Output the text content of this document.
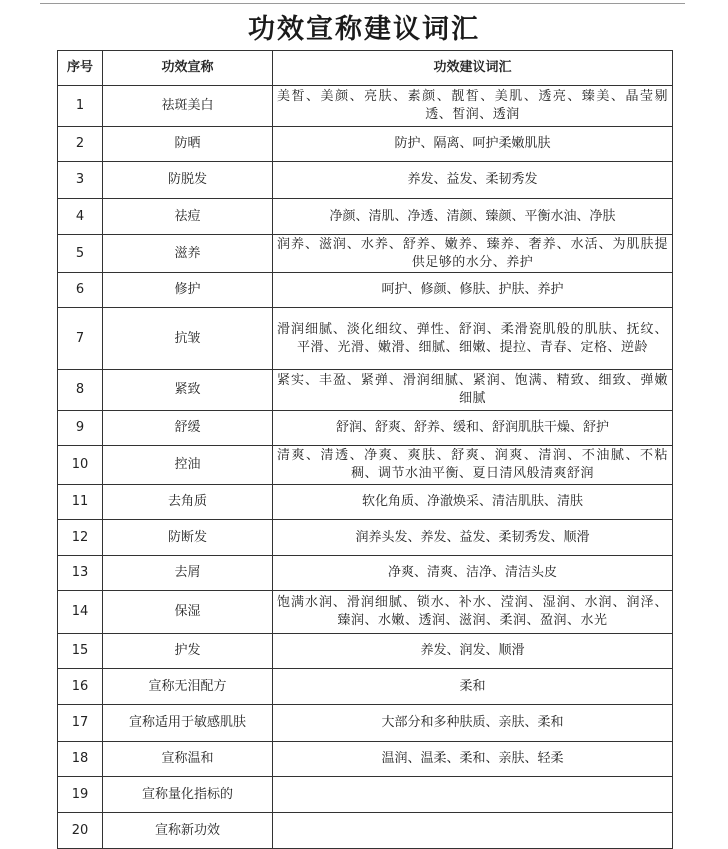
功效宣称建议词汇
序号	功效宣称	功效建议词汇
1	祛斑美白	美皙、美颜、亮肤、素颜、靓皙、美肌、透亮、臻美、晶莹剔透、皙润、透润
2	防晒	防护、隔离、呵护柔嫩肌肤
3	防脱发	养发、益发、柔韧秀发
4	祛痘	净颜、清肌、净透、清颜、臻颜、平衡水油、净肤
5	滋养	润养、滋润、水养、舒养、嫩养、臻养、奢养、水活、为肌肤提供足够的水分、养护
6	修护	呵护、修颜、修肤、护肤、养护
7	抗皱	滑润细腻、淡化细纹、弹性、舒润、柔滑瓷肌般的肌肤、抚纹、平滑、光滑、嫩滑、细腻、细嫩、提拉、青春、定格、逆龄
8	紧致	紧实、丰盈、紧弹、滑润细腻、紧润、饱满、精致、细致、弹嫩细腻
9	舒缓	舒润、舒爽、舒养、缓和、舒润肌肤干燥、舒护
10	控油	清爽、清透、净爽、爽肤、舒爽、润爽、清润、不油腻、不粘稠、调节水油平衡、夏日清风般清爽舒润
11	去角质	软化角质、净澈焕采、清洁肌肤、清肤
12	防断发	润养头发、养发、益发、柔韧秀发、顺滑
13	去屑	净爽、清爽、洁净、清洁头皮
14	保湿	饱满水润、滑润细腻、锁水、补水、滢润、湿润、水润、润泽、臻润、水嫩、透润、滋润、柔润、盈润、水光
15	护发	养发、润发、顺滑
16	宣称无泪配方	柔和
17	宣称适用于敏感肌肤	大部分和多种肤质、亲肤、柔和
18	宣称温和	温润、温柔、柔和、亲肤、轻柔
19	宣称量化指标的	
20	宣称新功效	
